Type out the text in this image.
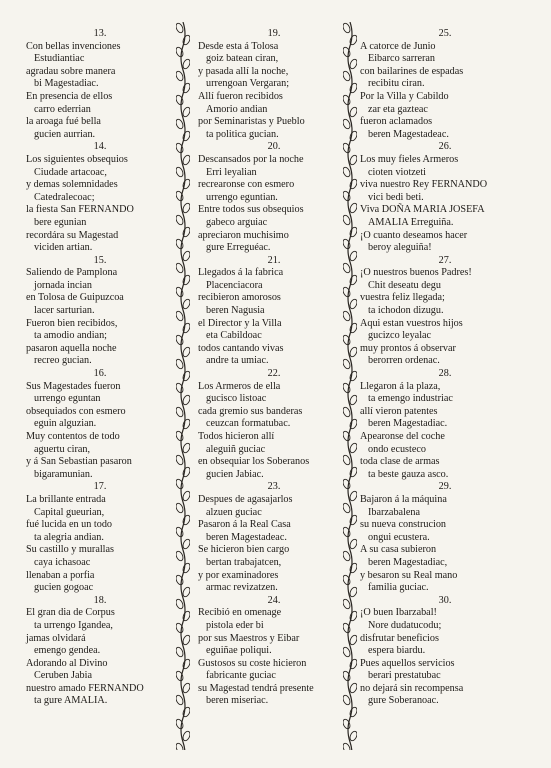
13.
Con bellas invenciones
Estudiantiac
agradau sobre manera
bi Magestadiac.
En presencia de ellos
carro ederrian
la aroaga fué bella
gucien aurrian.
14.
Los siguientes obsequios
Ciudade artacoac,
y demas solemnidades
Catedralecoac;
la fiesta San FERNANDO
bere egunian
recordára su Magestad
viciden artian.
15.
Saliendo de Pamplona
jornada incian
en Tolosa de Guipuzcoa
lacer sarturian.
Fueron bien recibidos,
ta amodio andian;
pasaron aquella noche
recreo gucian.
16.
Sus Magestades fueron
urrengo eguntan
obsequiados con esmero
eguin alguzian.
Muy contentos de todo
aguertu ciran,
y á San Sebastian pasaron
bigaramunian.
17.
La brillante entrada
Capital gueurian,
fué lucida en un todo
ta alegria andian.
Su castillo y murallas
caya ichasoac
llenaban a porfia
gucien gogoac
18.
El gran dia de Corpus
ta urrengo Igandea,
jamas olvidará
emengo gendea.
Adorando al Divino
Ceruben Jabia
nuestro amado FERNANDO
ta gure AMALIA.
19.
Desde esta á Tolosa
goiz batean ciran,
y pasada allí la noche,
urrengoan Vergaran;
Allí fueron recibidos
Amorio andian
por Seminaristas y Pueblo
ta politica gucian.
20.
Descansados por la noche
Erri leyalian
recrearonse con esmero
urrengo eguntian.
Entre todos sus obsequios
gabeco arguiac
apreciaron muchisimo
gure Erreguéac.
21.
Llegados á la fabrica
Placenciacora
recibieron amorosos
beren Nagusia
el Director y la Villa
eta Cabildoac
todos cantando vivas
andre ta umiac.
22.
Los Armeros de ella
gucisco listoac
cada gremio sus banderas
ceuzcan formatubac.
Todos hicieron allí
aleguiñ guciac
en obsequiar los Soberanos
gucien Jabiac.
23.
Despues de agasajarlos
alzuen guciac
Pasaron á la Real Casa
beren Magestadeac.
Se hicieron bien cargo
bertan trabajatcen,
y por examinadores
armac revizatzen.
24.
Recibió en omenage
pistola eder bi
por sus Maestros y Eibar
eguiñae poliqui.
Gustosos su coste hicieron
fabricante guciac
su Magestad tendrá presente
beren miseriac.
25.
A catorce de Junio
Eibarco sarreran
con bailarines de espadas
recibitu ciran.
Por la Villa y Cabildo
zar eta gazteac
fueron aclamados
beren Magestadeac.
26.
Los muy fieles Armeros
cioten viotzeti
viva nuestro Rey FERNANDO
vici bedi beti.
Viva DOÑA MARIA JOSEFA
AMALIA Erreguiña.
¡O cuanto deseamos hacer
beroy aleguiña!
27.
¡O nuestros buenos Padres!
Chit deseatu degu
vuestra feliz llegada;
ta ichodon dizugu.
Aqui estan vuestros hijos
gucizco leyalac
muy prontos á observar
berorren ordenac.
28.
Llegaron á la plaza,
ta emengo industriac
allí vieron patentes
beren Magestadiac.
Apearonse del coche
ondo ecusteco
toda clase de armas
ta beste gauza asco.
29.
Bajaron á la máquina
Ibarzabalena
su nueva construcion
ongui ecustera.
A su casa subieron
beren Magestadiac,
y besaron su Real mano
familia guciac.
30.
¡O buen Ibarzabal!
Nore dudatucodu;
disfrutar beneficios
espera biardu.
Pues aquellos servicios
berari prestatubac
no dejará sin recompensa
gure Soberanoac.
